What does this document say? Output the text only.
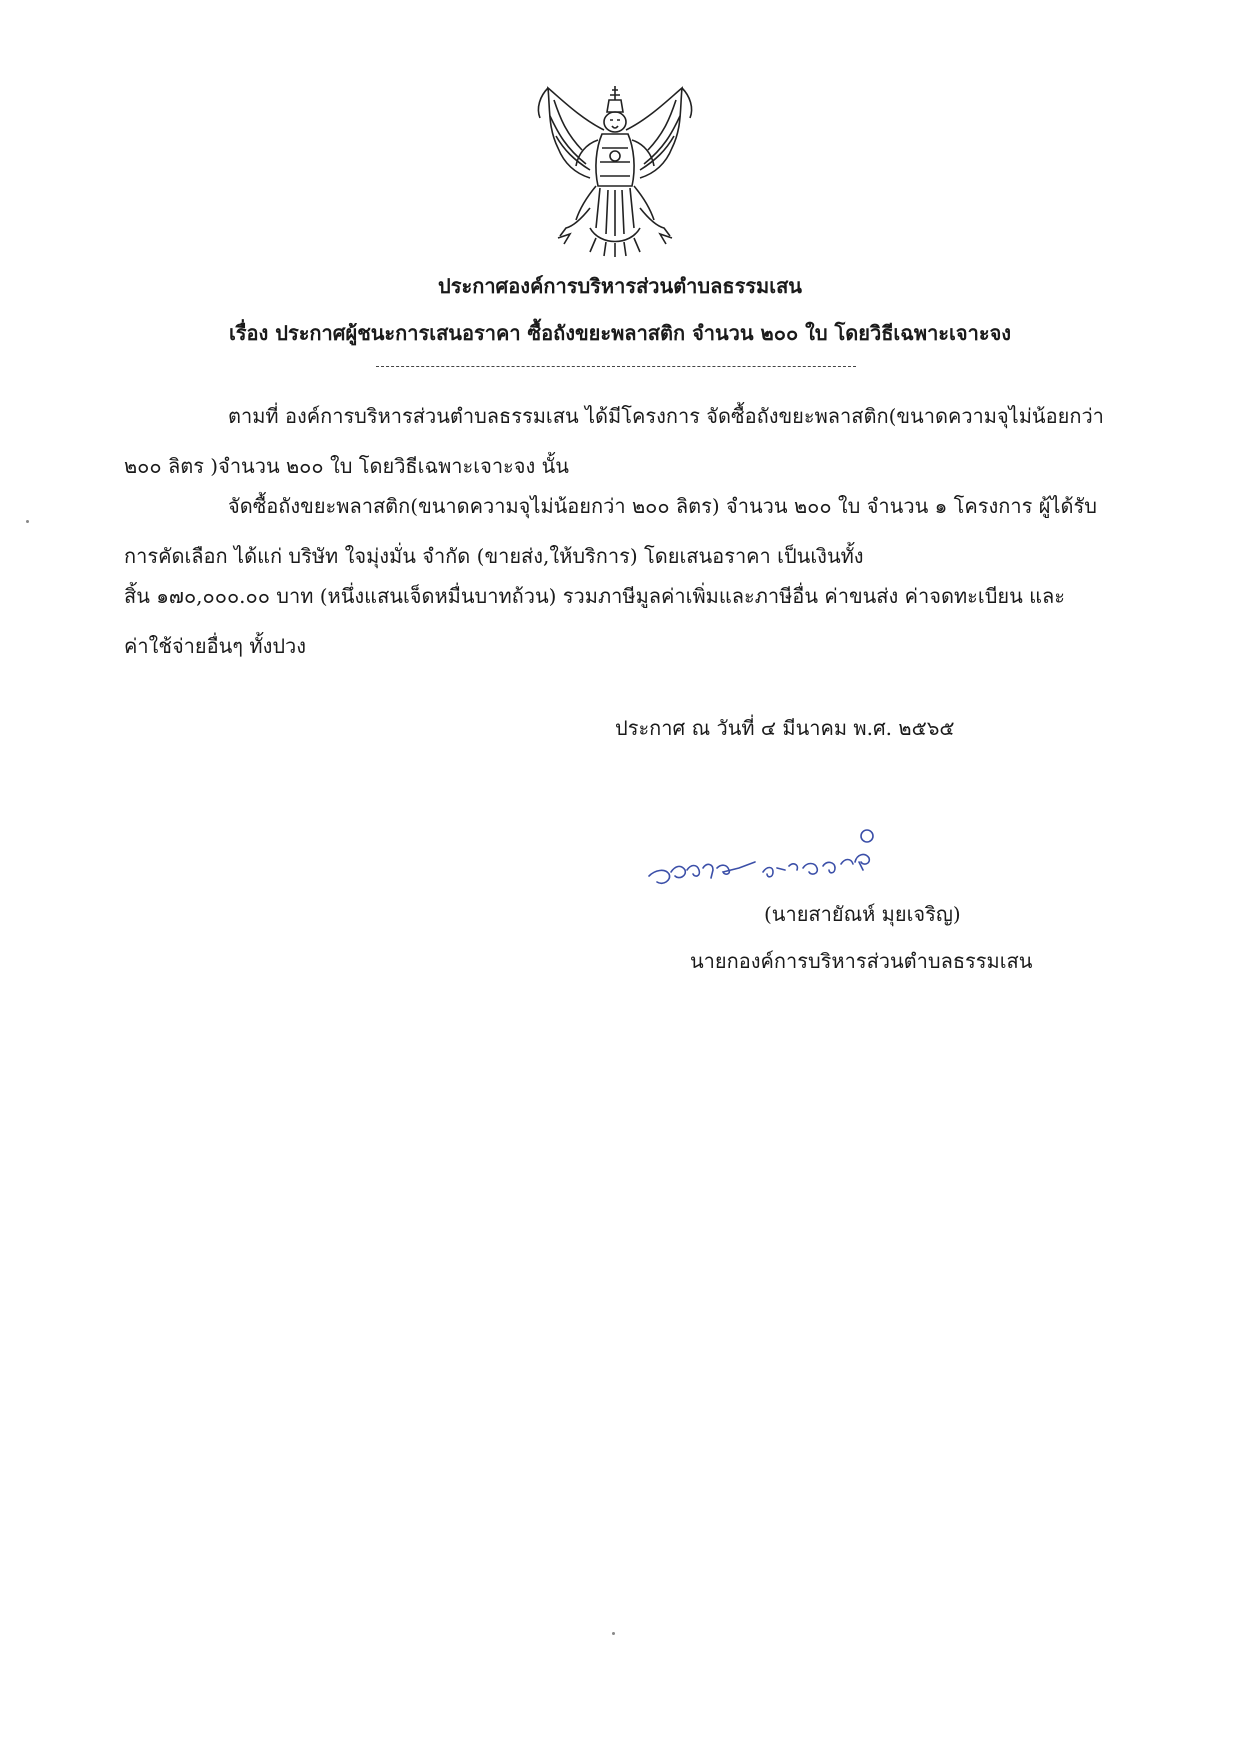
ประกาศองค์การบริหารส่วนตำบลธรรมเสน
เรื่อง ประกาศผู้ชนะการเสนอราคา ซื้อถังขยะพลาสติก จำนวน ๒๐๐ ใบ โดยวิธีเฉพาะเจาะจง
ตามที่ องค์การบริหารส่วนตำบลธรรมเสน ได้มีโครงการ จัดซื้อถังขยะพลาสติก(ขนาดความจุไม่น้อยกว่า
๒๐๐ ลิตร )จำนวน ๒๐๐ ใบ โดยวิธีเฉพาะเจาะจง นั้น
จัดซื้อถังขยะพลาสติก(ขนาดความจุไม่น้อยกว่า ๒๐๐ ลิตร) จำนวน ๒๐๐ ใบ จำนวน ๑ โครงการ ผู้ได้รับ
การคัดเลือก ได้แก่ บริษัท ใจมุ่งมั่น จำกัด (ขายส่ง,ให้บริการ) โดยเสนอราคา เป็นเงินทั้ง
สิ้น ๑๗๐,๐๐๐.๐๐ บาท (หนึ่งแสนเจ็ดหมื่นบาทถ้วน) รวมภาษีมูลค่าเพิ่มและภาษีอื่น ค่าขนส่ง ค่าจดทะเบียน และ
ค่าใช้จ่ายอื่นๆ ทั้งปวง
ประกาศ ณ วันที่ ๔ มีนาคม พ.ศ. ๒๕๖๕
(นายสายัณห์ มุยเจริญ)
นายกองค์การบริหารส่วนตำบลธรรมเสน
